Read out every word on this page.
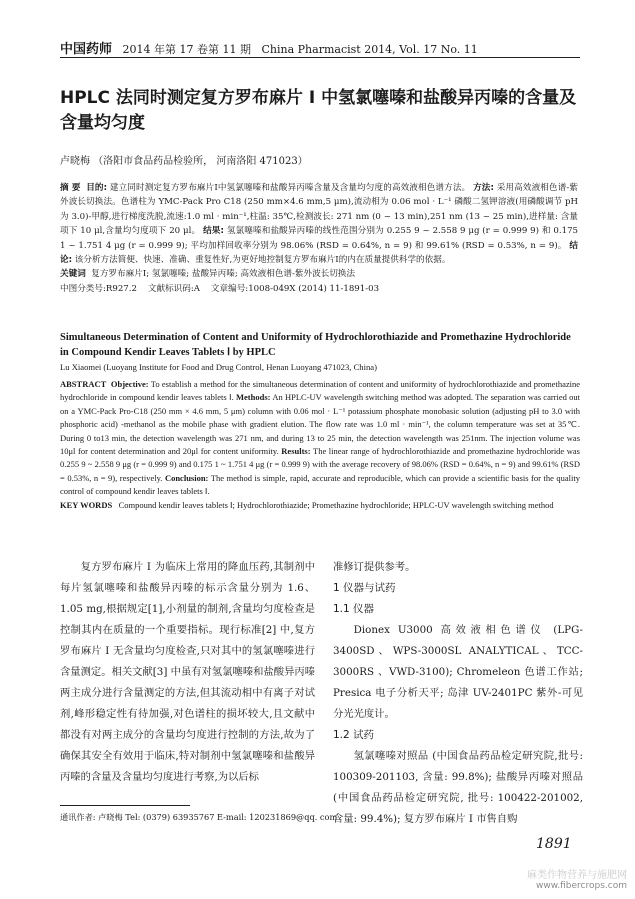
中国药师 2014 年第 17 卷第 11 期 China Pharmacist 2014, Vol. 17 No. 11
HPLC 法同时测定复方罗布麻片 Ⅰ 中氢氯噻嗪和盐酸异丙嗪的含量及含量均匀度
卢晓梅 （洛阳市食品药品检验所， 河南洛阳 471023）

摘 要 目的: 建立同时测定复方罗布麻片Ⅰ中氢氯噻嗪和盐酸异丙嗪含量及含量均匀度的高效液相色谱方法。 方法: 采用高效液相色谱-紫外波长切换法。色谱柱为 YMC-Pack Pro C18 (250 mm×4.6 mm,5 μm),流动相为 0.06 mol · L⁻¹ 磷酸二氢钾溶液(用磷酸调节 pH 为 3.0)-甲醇,进行梯度洗脱,流速:1.0 ml · min⁻¹,柱温: 35℃,检测波长: 271 nm (0 ~ 13 min),251 nm (13 ~ 25 min),进样量: 含量项下 10 μl,含量均匀度项下 20 μl。 结果: 氢氯噻嗪和盐酸异丙嗪的线性范围分别为 0.255 9 ~ 2.558 9 μg (r = 0.999 9) 和 0.175 1 ~ 1.751 4 μg (r = 0.999 9); 平均加样回收率分别为 98.06% (RSD = 0.64%, n = 9) 和 99.61% (RSD = 0.53%, n = 9)。 结论: 该分析方法简便、快速、准确、重复性好,为更好地控制复方罗布麻片Ⅰ的内在质量提供科学的依据。

关键词 复方罗布麻片Ⅰ; 氢氯噻嗪; 盐酸异丙嗪; 高效液相色谱-紫外波长切换法

中图分类号:R927.2 文献标识码:A 文章编号:1008-049X (2014) 11-1891-03

Simultaneous Determination of Content and Uniformity of Hydrochlorothiazide and Promethazine Hydrochloride in Compound Kendir Leaves Tablets Ⅰ by HPLC
Lu Xiaomei (Luoyang Institute for Food and Drug Control, Henan Luoyang 471023, China)

ABSTRACT Objective: To establish a method for the simultaneous determination of content and uniformity of hydrochlorothiazide and promethazine hydrochloride in compound kendir leaves tablets Ⅰ. Methods: An HPLC-UV wavelength switching method was adopted. The separation was carried out on a YMC-Pack Pro-C18 (250 mm × 4.6 mm, 5 μm) column with 0.06 mol · L⁻¹ potassium phosphate monobasic solution (adjusting pH to 3.0 with phosphoric acid) -methanol as the mobile phase with gradient elution. The flow rate was 1.0 ml · min⁻¹, the column temperature was set at 35℃. During 0 to13 min, the detection wavelength was 271 nm, and during 13 to 25 min, the detection wavelength was 251nm. The injection volume was 10μl for content determination and 20μl for content uniformity. Results: The linear range of hydrochlorothiazide and promethazine hydrochloride was 0.255 9 ~ 2.558 9 μg (r = 0.999 9) and 0.175 1 ~ 1.751 4 μg (r = 0.999 9) with the average recovery of 98.06% (RSD = 0.64%, n = 9) and 99.61% (RSD = 0.53%, n = 9), respectively. Conclusion: The method is simple, rapid, accurate and reproducible, which can provide a scientific basis for the quality control of compound kendir leaves tablets Ⅰ.

KEY WORDS Compound kendir leaves tablets Ⅰ; Hydrochlorothiazide; Promethazine hydrochloride; HPLC-UV wavelength switching method

复方罗布麻片 Ⅰ 为临床上常用的降血压药,其制剂中每片氢氯噻嗪和盐酸异丙嗪的标示含量分别为 1.6、1.05 mg,根据规定[1],小剂量的制剂,含量均匀度检查是控制其内在质量的一个重要指标。现行标准[2] 中,复方罗布麻片 Ⅰ 无含量均匀度检查,只对其中的氢氯噻嗪进行含量测定。相关文献[3] 中虽有对氢氯噻嗪和盐酸异丙嗪两主成分进行含量测定的方法,但其流动相中有离子对试剂,峰形稳定性有待加强,对色谱柱的损坏较大,且文献中都没有对两主成分的含量均匀度进行控制的方法,故为了确保其安全有效用于临床,特对制剂中氢氯噻嗪和盐酸异丙嗪的含量及含量均匀度进行考察,为以后标

准修订提供参考。

1 仪器与试药

1.1 仪器

Dionex U3000 高效液相色谱仪 (LPG-3400SD、WPS-3000SL ANALYTICAL、TCC-3000RS 、VWD-3100); Chromeleon 色谱工作站; Presica 电子分析天平; 岛津 UV-2401PC 紫外-可见分光光度计。

1.2 试药

氢氯噻嗪对照品 (中国食品药品检定研究院,批号: 100309-201103, 含量: 99.8%); 盐酸异丙嗪对照品 (中国食品药品检定研究院, 批号: 100422-201002, 含量: 99.4%); 复方罗布麻片 Ⅰ 市售自购

通讯作者: 卢晓梅 Tel: (0379) 63935767 E-mail: 120231869@qq. com
1891
麻类作物营养与施肥网
www.fibercrops.com
